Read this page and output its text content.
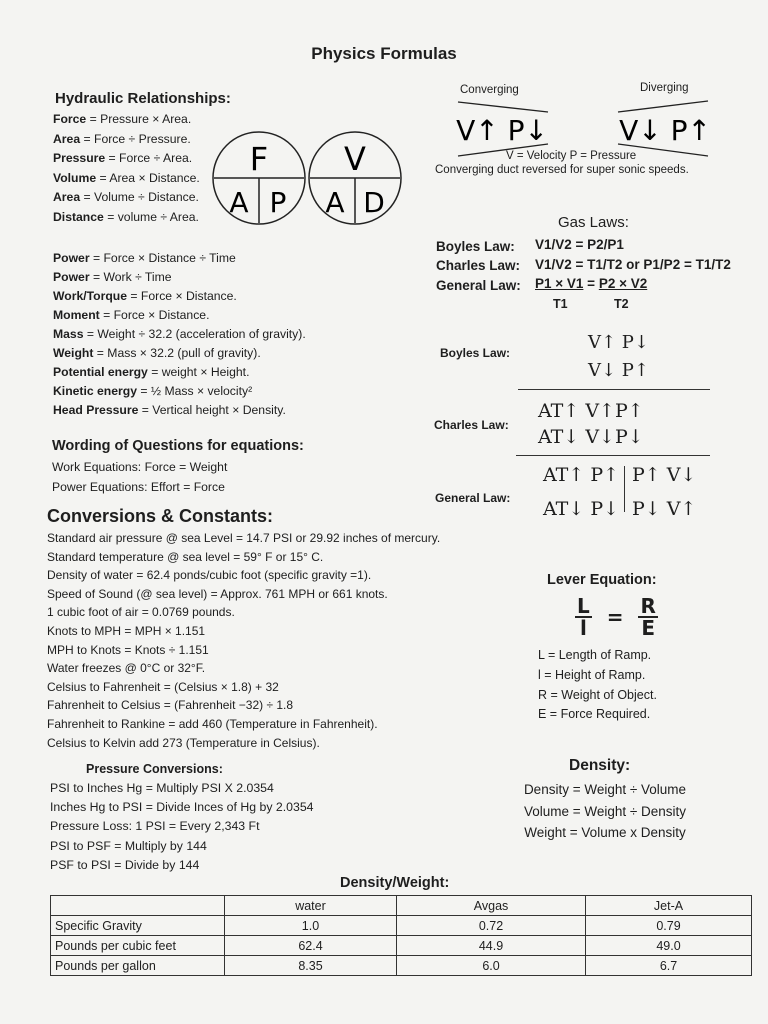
Physics Formulas
Hydraulic Relationships:
Force = Pressure × Area.
Area = Force ÷ Pressure.
Pressure = Force ÷ Area.
Volume = Area × Distance.
Area = Volume ÷ Distance.
Distance = volume ÷ Area.
F
A P
V
A D
Power = Force × Distance ÷ Time
Power = Work ÷ Time
Work/Torque = Force × Distance.
Moment = Force × Distance.
Mass = Weight ÷ 32.2 (acceleration of gravity).
Weight = Mass × 32.2 (pull of gravity).
Potential energy = weight × Height.
Kinetic energy = ½ Mass × velocity²
Head Pressure = Vertical height × Density.
Wording of Questions for equations:
Work Equations: Force = Weight
Power Equations: Effort = Force
Conversions & Constants:
Standard air pressure @ sea Level = 14.7 PSI or 29.92 inches of mercury.
Standard temperature @ sea level = 59° F or 15° C.
Density of water = 62.4 ponds/cubic foot (specific gravity =1).
Speed of Sound (@ sea level) = Approx. 761 MPH or 661 knots.
1 cubic foot of air = 0.0769 pounds.
Knots to MPH = MPH × 1.151
MPH to Knots = Knots ÷ 1.151
Water freezes @ 0°C or 32°F.
Celsius to Fahrenheit = (Celsius × 1.8) + 32
Fahrenheit to Celsius = (Fahrenheit −32) ÷ 1.8
Fahrenheit to Rankine = add 460 (Temperature in Fahrenheit).
Celsius to Kelvin add 273 (Temperature in Celsius).
Pressure Conversions:
PSI to Inches Hg = Multiply PSI X 2.0354
Inches Hg to PSI = Divide Inces of Hg by 2.0354
Pressure Loss: 1 PSI = Every 2,343 Ft
PSI to PSF = Multiply by 144
PSF to PSI = Divide by 144
Converging	Diverging
V↑ P↓	V↓ P↑
V = Velocity P = Pressure
Converging duct reversed for super sonic speeds.
Gas Laws:
Boyles Law: V1/V2 = P2/P1
Charles Law: V1/V2 = T1/T2 or P1/P2 = T1/T2
General Law: P1 × V1 = P2 × V2
T1	T2
Boyles Law:	V↑ P↓
V↓ P↑
Charles Law:
AT↑ V↑P↑
AT↓ V↓P↓
General Law:
AT↑ P↑ P↑ V↓
AT↓ P↓ P↓ V↑
Lever Equation:
$\frac{L}{l} = \frac{R}{E}$
L = Length of Ramp.
l = Height of Ramp.
R = Weight of Object.
E = Force Required.
Density:
Density = Weight ÷ Volume
Volume = Weight ÷ Density
Weight = Volume x Density
Density/Weight:
	water	Avgas	Jet-A
Specific Gravity	1.0	0.72	0.79
Pounds per cubic feet	62.4	44.9	49.0
Pounds per gallon	8.35	6.0	6.7
